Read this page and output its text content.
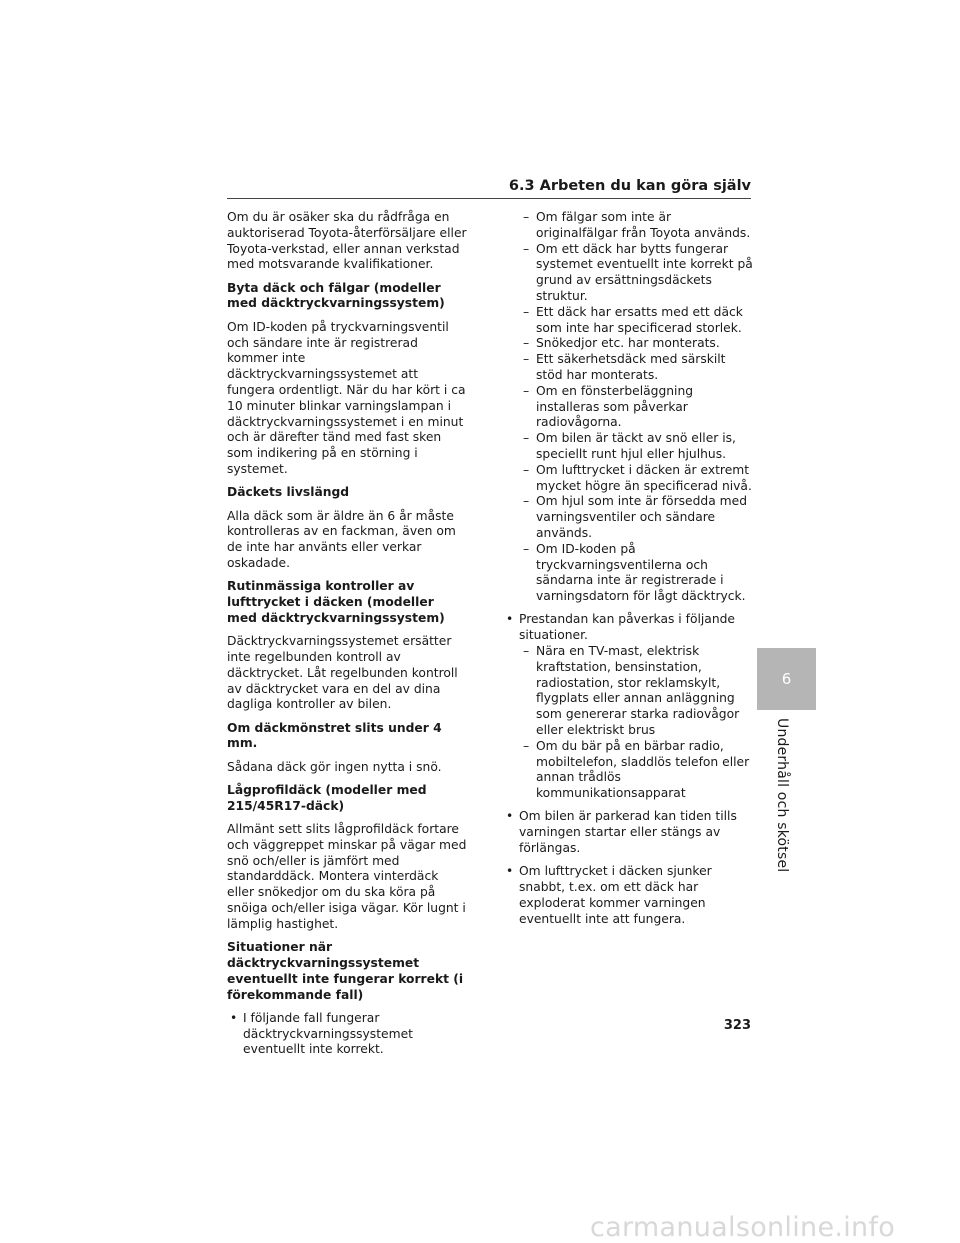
6.3 Arbeten du kan göra själv

Om du är osäker ska du rådfråga en auktoriserad Toyota-återförsäljare eller Toyota-verkstad, eller annan verkstad med motsvarande kvalifikationer.

Byta däck och fälgar (modeller med däcktryckvarningssystem)

Om ID-koden på tryckvarningsventil och sändare inte är registrerad kommer inte däcktryckvarningssystemet att fungera ordentligt. När du har kört i ca 10 minuter blinkar varningslampan i däcktryckvarningssystemet i en minut och är därefter tänd med fast sken som indikering på en störning i systemet.

Däckets livslängd

Alla däck som är äldre än 6 år måste kontrolleras av en fackman, även om de inte har använts eller verkar oskadade.

Rutinmässiga kontroller av lufttrycket i däcken (modeller med däcktryckvarningssystem)

Däcktryckvarningssystemet ersätter inte regelbunden kontroll av däcktrycket. Låt regelbunden kontroll av däcktrycket vara en del av dina dagliga kontroller av bilen.

Om däckmönstret slits under 4 mm.

Sådana däck gör ingen nytta i snö.

Lågprofildäck (modeller med 215/45R17-däck)

Allmänt sett slits lågprofildäck fortare och väggreppet minskar på vägar med snö och/eller is jämfört med standarddäck. Montera vinterdäck eller snökedjor om du ska köra på snöiga och/eller isiga vägar. Kör lugnt i lämplig hastighet.

Situationer när däcktryckvarningssystemet eventuellt inte fungerar korrekt (i förekommande fall)

• I följande fall fungerar däcktryckvarningssystemet eventuellt inte korrekt.
– Om fälgar som inte är originalfälgar från Toyota används.
– Om ett däck har bytts fungerar systemet eventuellt inte korrekt på grund av ersättningsdäckets struktur.
– Ett däck har ersatts med ett däck som inte har specificerad storlek.
– Snökedjor etc. har monterats.
– Ett säkerhetsdäck med särskilt stöd har monterats.
– Om en fönsterbeläggning installeras som påverkar radiovågorna.
– Om bilen är täckt av snö eller is, speciellt runt hjul eller hjulhus.
– Om lufttrycket i däcken är extremt mycket högre än specificerad nivå.
– Om hjul som inte är försedda med varningsventiler och sändare används.
– Om ID-koden på tryckvarningsventilerna och sändarna inte är registrerade i varningsdatorn för lågt däcktryck.
• Prestandan kan påverkas i följande situationer.
– Nära en TV-mast, elektrisk kraftstation, bensinstation, radiostation, stor reklamskylt, flygplats eller annan anläggning som genererar starka radiovågor eller elektriskt brus
– Om du bär på en bärbar radio, mobiltelefon, sladdlös telefon eller annan trådlös kommunikationsapparat
• Om bilen är parkerad kan tiden tills varningen startar eller stängs av förlängas.
• Om lufttrycket i däcken sjunker snabbt, t.ex. om ett däck har exploderat kommer varningen eventuellt inte att fungera.
6
Underhåll och skötsel
323
carmanualsonline.info
